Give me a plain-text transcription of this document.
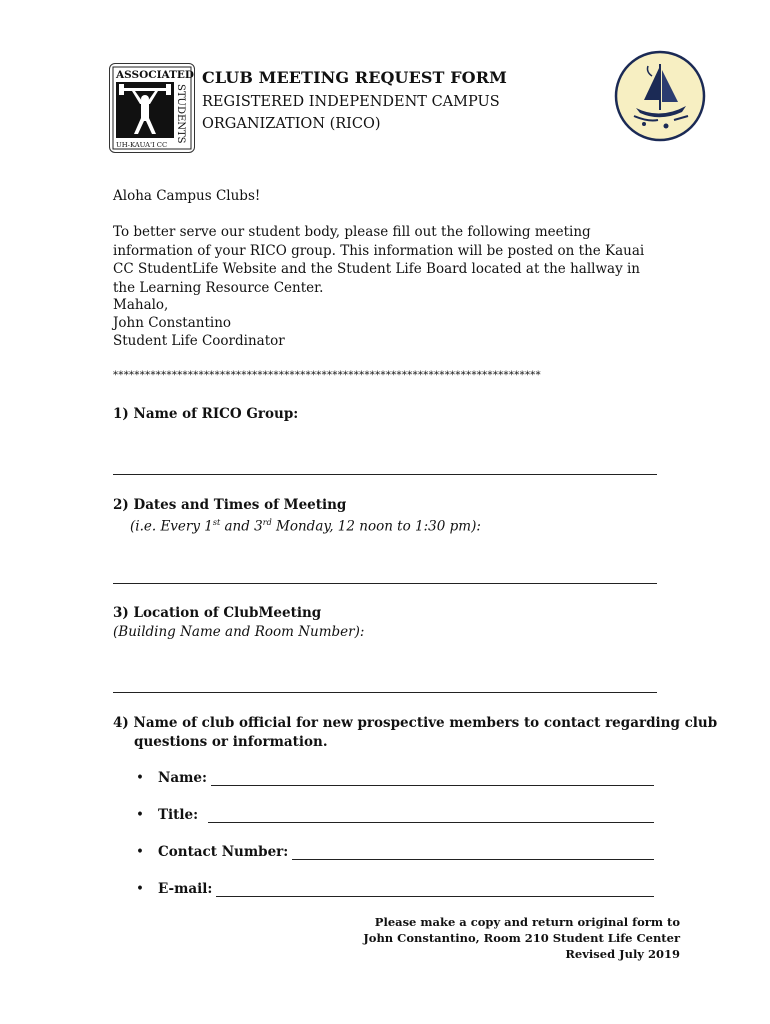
ASSOCIATED
STUDENTS
UH-KAUA'I CC
CLUB MEETING REQUEST FORM
REGISTERED INDEPENDENT CAMPUS
ORGANIZATION (RICO)
Aloha Campus Clubs!
To better serve our student body, please fill out the following meeting information of your RICO group. This information will be posted on the Kauai CC StudentLife Website and the Student Life Board located at the hallway in the Learning Resource Center.
Mahalo,
John Constantino
Student Life Coordinator
********************************************************************************
1) Name of RICO Group:
2) Dates and Times of Meeting
(i.e. Every 1st and 3rd Monday, 12 noon to 1:30 pm):
3) Location of ClubMeeting
(Building Name and Room Number):
4) Name of club official for new prospective members to contact regarding club
questions or information.
•	Name:
•	Title:
•	Contact Number:
•	E-mail:
Please make a copy and return original form to
John Constantino, Room 210 Student Life Center
Revised July 2019
